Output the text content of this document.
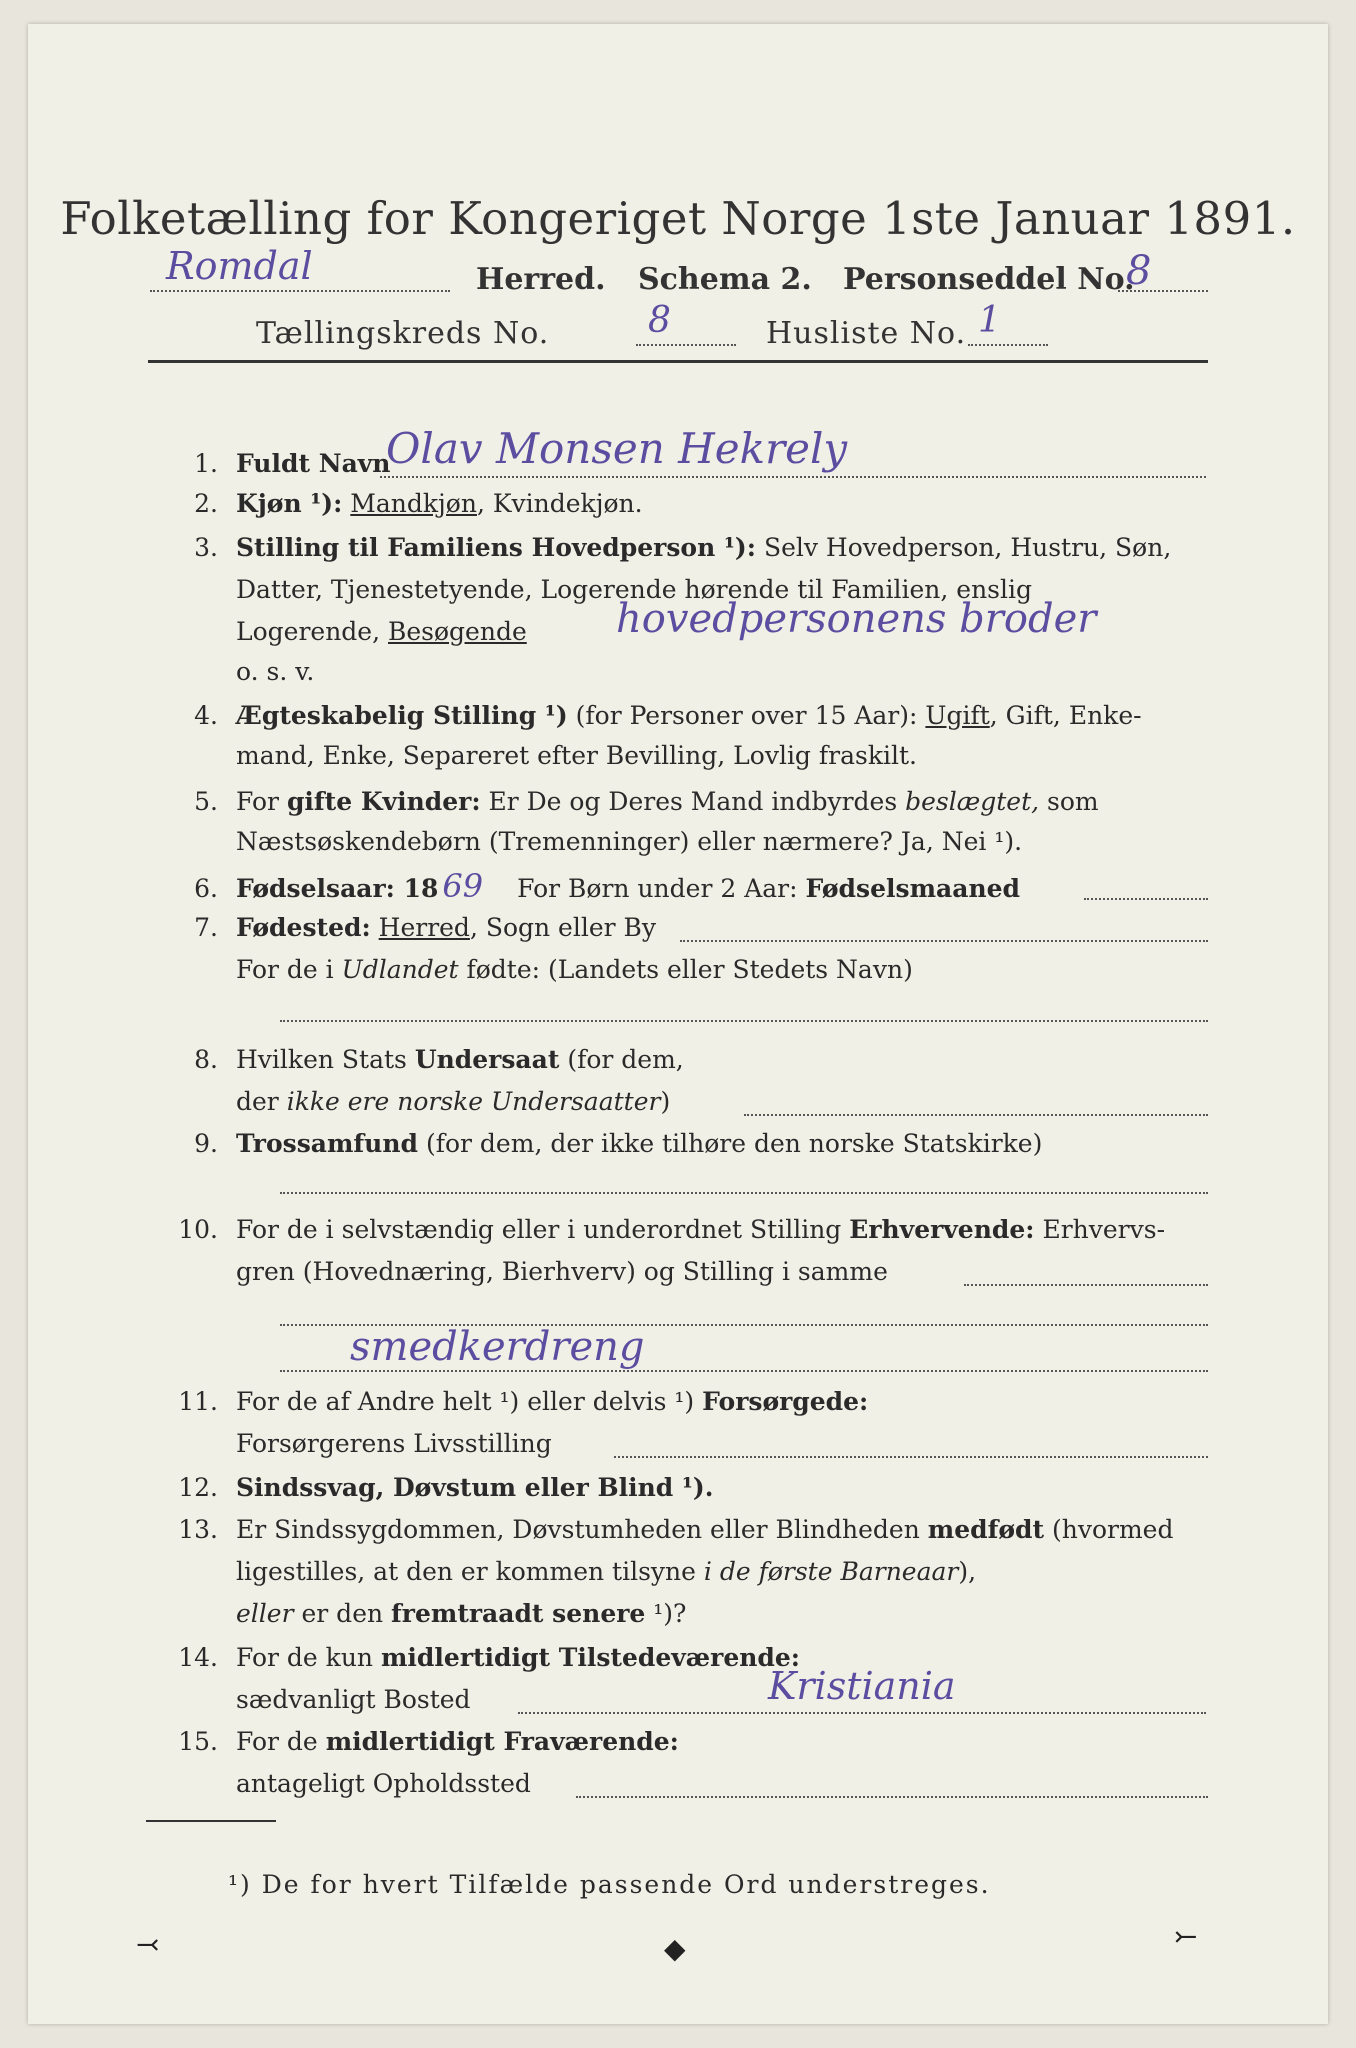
Folketælling for Kongeriget Norge 1ste Januar 1891.
Romdal	Herred. Schema 2. Personseddel No.
8
Tællingskreds No.	8	Husliste No. 1
1. Fuldt Navn
Olav Monsen Hekrely
2. Kjøn ¹): Mandkjøn, Kvindekjøn.
3. Stilling til Familiens Hovedperson ¹): Selv Hovedperson, Hustru, Søn,
Datter, Tjenestetyende, Logerende hørende til Familien, enslig
Logerende, Besøgende hovedpersonens broder
o. s. v.
4. Ægteskabelig Stilling ¹) (for Personer over 15 Aar): Ugift, Gift, Enke-
mand, Enke, Separeret efter Bevilling, Lovlig fraskilt.
5. For gifte Kvinder: Er De og Deres Mand indbyrdes beslægtet, som
Næstsøskendebørn (Tremenninger) eller nærmere? Ja, Nei ¹).
6. Fødselsaar: 18 69 For Børn under 2 Aar: Fødselsmaaned
7. Fødested: Herred, Sogn eller By
For de i Udlandet fødte: (Landets eller Stedets Navn)
8. Hvilken Stats Undersaat (for dem,
der ikke ere norske Undersaatter)
9. Trossamfund (for dem, der ikke tilhøre den norske Statskirke)
10. For de i selvstændig eller i underordnet Stilling Erhvervende: Erhvervs-
gren (Hovednæring, Bierhverv) og Stilling i samme
smedkerdreng
11. For de af Andre helt ¹) eller delvis ¹) Forsørgede:
Forsørgerens Livsstilling
12. Sindssvag, Døvstum eller Blind ¹).
13. Er Sindssygdommen, Døvstumheden eller Blindheden medfødt (hvormed
ligestilles, at den er kommen tilsyne i de første Barneaar),
eller er den fremtraadt senere ¹)?
14. For de kun midlertidigt Tilstedeværende:
sædvanligt Bosted	Kristiania
15. For de midlertidigt Fraværende:
antageligt Opholdssted
¹) De for hvert Tilfælde passende Ord understreges.
⤙	◆	⤚
